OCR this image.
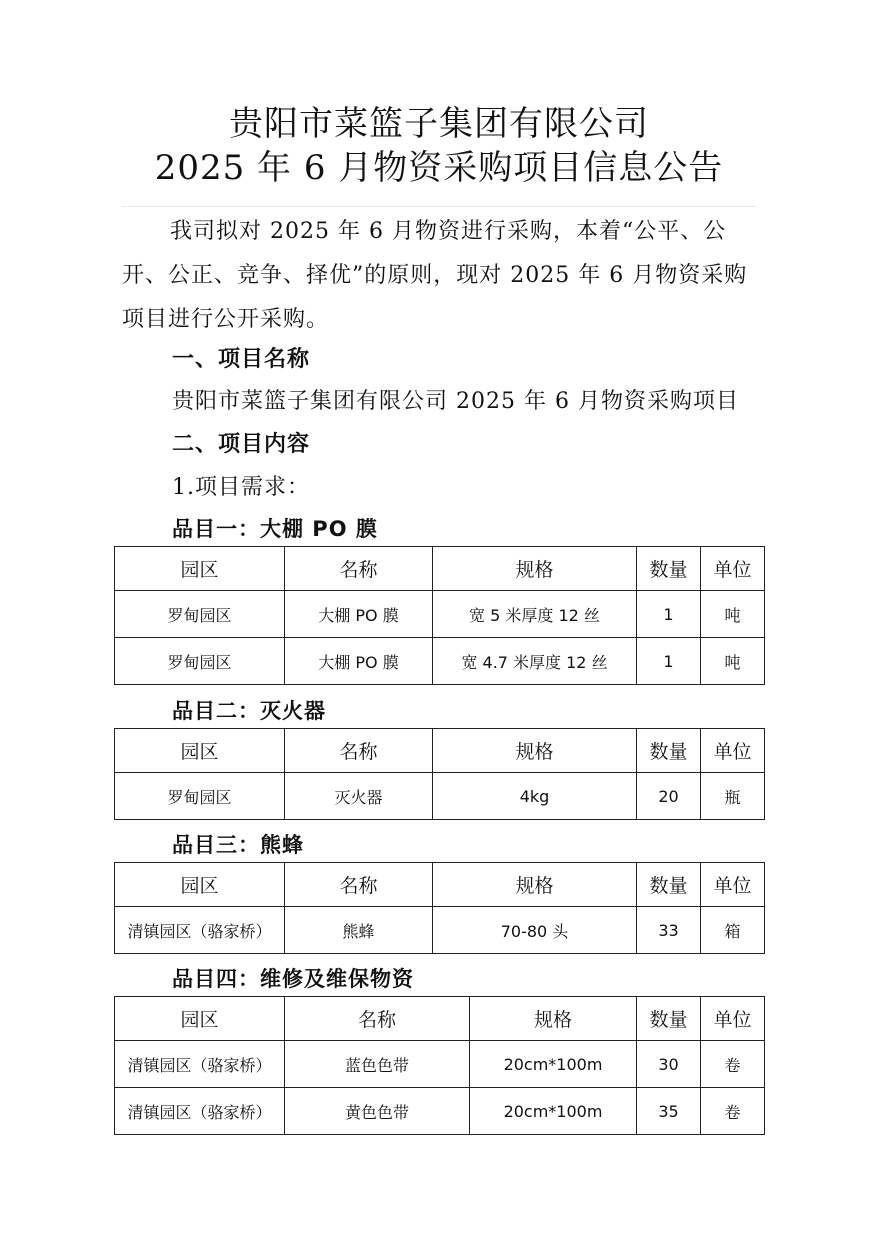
贵阳市菜篮子集团有限公司
2025 年 6 月物资采购项目信息公告
我司拟对 2025 年 6 月物资进行采购，本着“公平、公开、公正、竞争、择优”的原则，现对 2025 年 6 月物资采购项目进行公开采购。
一、项目名称
贵阳市菜篮子集团有限公司 2025 年 6 月物资采购项目
二、项目内容
1.项目需求：
品目一：大棚 PO 膜
园区	名称	规格	数量	单位
罗甸园区	大棚 PO 膜	宽 5 米厚度 12 丝	1	吨
罗甸园区	大棚 PO 膜	宽 4.7 米厚度 12 丝	1	吨
品目二：灭火器
园区	名称	规格	数量	单位
罗甸园区	灭火器	4kg	20	瓶
品目三：熊蜂
园区	名称	规格	数量	单位
清镇园区（骆家桥）	熊蜂	70-80 头	33	箱
品目四：维修及维保物资
园区	名称	规格	数量	单位
清镇园区（骆家桥）	蓝色色带	20cm*100m	30	卷
清镇园区（骆家桥）	黄色色带	20cm*100m	35	卷
